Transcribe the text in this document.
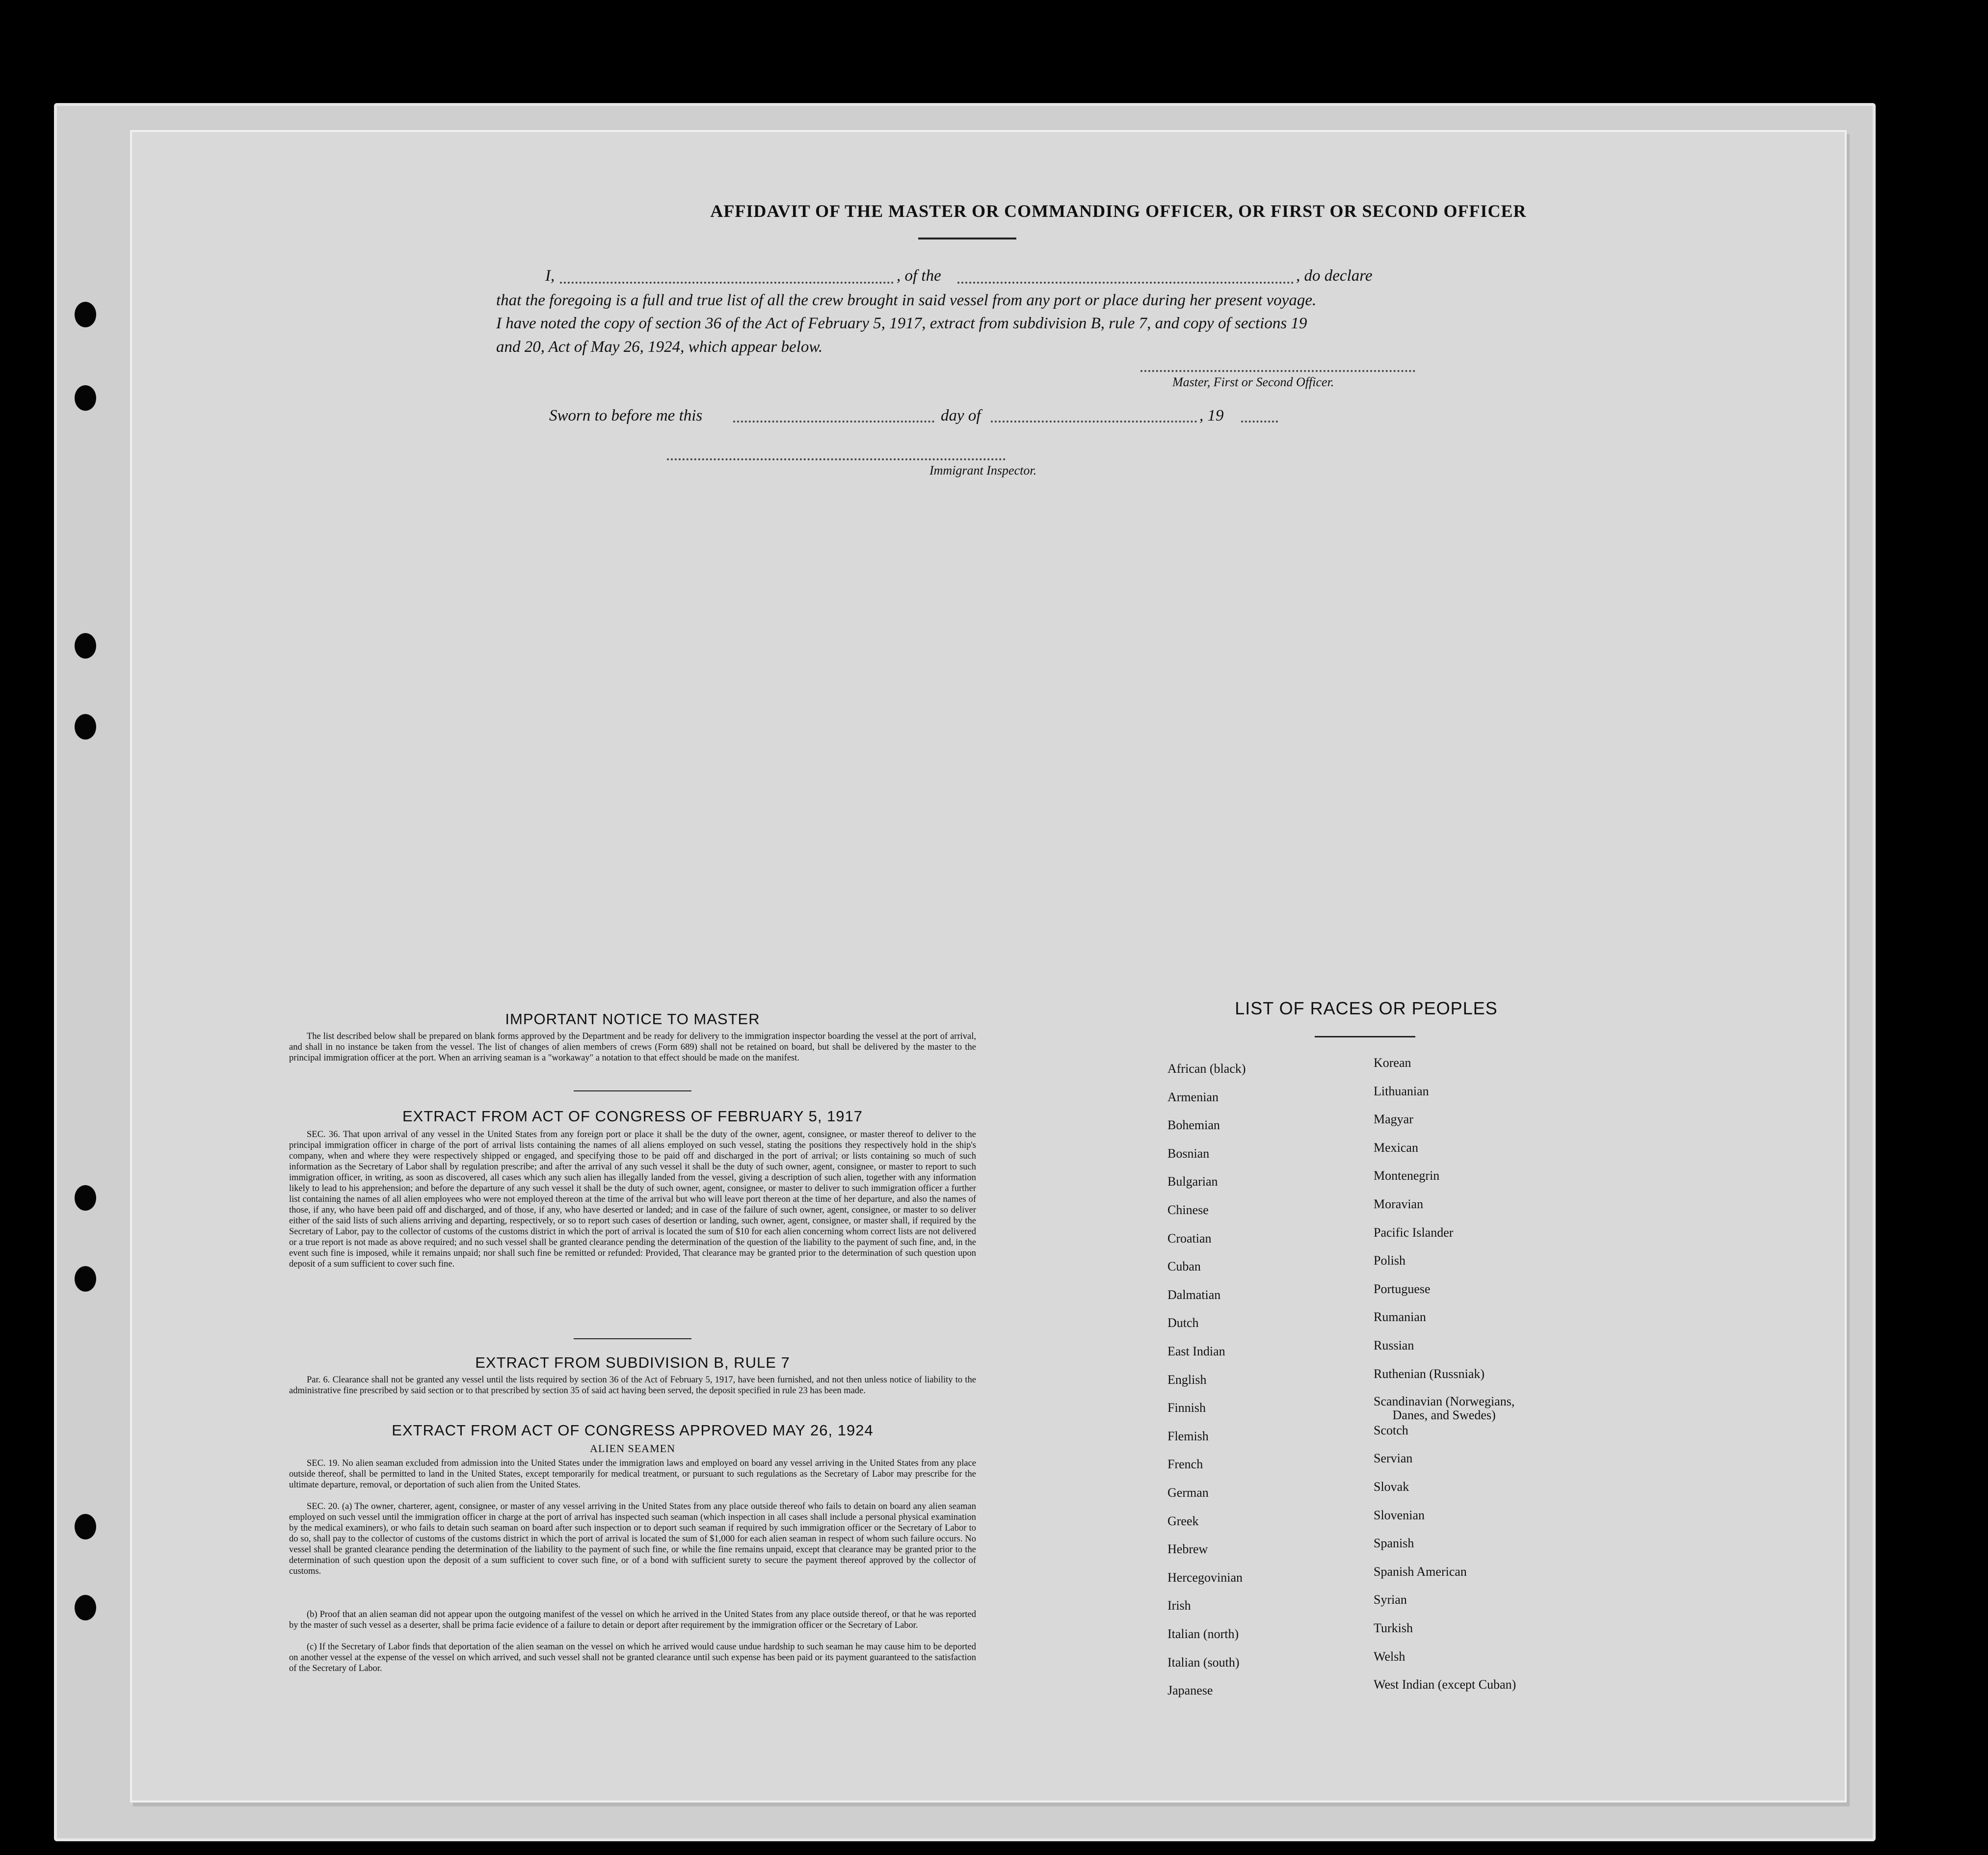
AFFIDAVIT OF THE MASTER OR COMMANDING OFFICER, OR FIRST OR SECOND OFFICER
I,	, of the	, do declare
that the foregoing is a full and true list of all the crew brought in said vessel from any port or place during her present voyage.
I have noted the copy of section 36 of the Act of February 5, 1917, extract from subdivision B, rule 7, and copy of sections 19
and 20, Act of May 26, 1924, which appear below.
Master, First or Second Officer.
Sworn to before me this	day of	, 19
Immigrant Inspector.
IMPORTANT NOTICE TO MASTER
The list described below shall be prepared on blank forms approved by the Department and be ready for delivery to the immigration inspector boarding the vessel at the port of arrival, and shall in no instance be taken from the vessel. The list of changes of alien members of crews (Form 689) shall not be retained on board, but shall be delivered by the master to the principal immigration officer at the port. When an arriving seaman is a "workaway" a notation to that effect should be made on the manifest.
EXTRACT FROM ACT OF CONGRESS OF FEBRUARY 5, 1917
SEC. 36. That upon arrival of any vessel in the United States from any foreign port or place it shall be the duty of the owner, agent, consignee, or master thereof to deliver to the principal immigration officer in charge of the port of arrival lists containing the names of all aliens employed on such vessel, stating the positions they respectively hold in the ship's company, when and where they were respectively shipped or engaged, and specifying those to be paid off and discharged in the port of arrival; or lists containing so much of such information as the Secretary of Labor shall by regulation prescribe; and after the arrival of any such vessel it shall be the duty of such owner, agent, consignee, or master to report to such immigration officer, in writing, as soon as discovered, all cases which any such alien has illegally landed from the vessel, giving a description of such alien, together with any information likely to lead to his apprehension; and before the departure of any such vessel it shall be the duty of such owner, agent, consignee, or master to deliver to such immigration officer a further list containing the names of all alien employees who were not employed thereon at the time of the arrival but who will leave port thereon at the time of her departure, and also the names of those, if any, who have been paid off and discharged, and of those, if any, who have deserted or landed; and in case of the failure of such owner, agent, consignee, or master to so deliver either of the said lists of such aliens arriving and departing, respectively, or so to report such cases of desertion or landing, such owner, agent, consignee, or master shall, if required by the Secretary of Labor, pay to the collector of customs of the customs district in which the port of arrival is located the sum of $10 for each alien concerning whom correct lists are not delivered or a true report is not made as above required; and no such vessel shall be granted clearance pending the determination of the question of the liability to the payment of such fine, and, in the event such fine is imposed, while it remains unpaid; nor shall such fine be remitted or refunded: Provided, That clearance may be granted prior to the determination of such question upon deposit of a sum sufficient to cover such fine.
EXTRACT FROM SUBDIVISION B, RULE 7
Par. 6. Clearance shall not be granted any vessel until the lists required by section 36 of the Act of February 5, 1917, have been furnished, and not then unless notice of liability to the administrative fine prescribed by said section or to that prescribed by section 35 of said act having been served, the deposit specified in rule 23 has been made.
EXTRACT FROM ACT OF CONGRESS APPROVED MAY 26, 1924
ALIEN SEAMEN
SEC. 19. No alien seaman excluded from admission into the United States under the immigration laws and employed on board any vessel arriving in the United States from any place outside thereof, shall be permitted to land in the United States, except temporarily for medical treatment, or pursuant to such regulations as the Secretary of Labor may prescribe for the ultimate departure, removal, or deportation of such alien from the United States.
SEC. 20. (a) The owner, charterer, agent, consignee, or master of any vessel arriving in the United States from any place outside thereof who fails to detain on board any alien seaman employed on such vessel until the immigration officer in charge at the port of arrival has inspected such seaman (which inspection in all cases shall include a personal physical examination by the medical examiners), or who fails to detain such seaman on board after such inspection or to deport such seaman if required by such immigration officer or the Secretary of Labor to do so, shall pay to the collector of customs of the customs district in which the port of arrival is located the sum of $1,000 for each alien seaman in respect of whom such failure occurs. No vessel shall be granted clearance pending the determination of the liability to the payment of such fine, or while the fine remains unpaid, except that clearance may be granted prior to the determination of such question upon the deposit of a sum sufficient to cover such fine, or of a bond with sufficient surety to secure the payment thereof approved by the collector of customs.
(b) Proof that an alien seaman did not appear upon the outgoing manifest of the vessel on which he arrived in the United States from any place outside thereof, or that he was reported by the master of such vessel as a deserter, shall be prima facie evidence of a failure to detain or deport after requirement by the immigration officer or the Secretary of Labor.
(c) If the Secretary of Labor finds that deportation of the alien seaman on the vessel on which he arrived would cause undue hardship to such seaman he may cause him to be deported on another vessel at the expense of the vessel on which arrived, and such vessel shall not be granted clearance until such expense has been paid or its payment guaranteed to the satisfaction of the Secretary of Labor.
LIST OF RACES OR PEOPLES
African (black)
Armenian
Bohemian
Bosnian
Bulgarian
Chinese
Croatian
Cuban
Dalmatian
Dutch
East Indian
English
Finnish
Flemish
French
German
Greek
Hebrew
Hercegovinian
Irish
Italian (north)
Italian (south)
Japanese
Korean
Lithuanian
Magyar
Mexican
Montenegrin
Moravian
Pacific Islander
Polish
Portuguese
Rumanian
Russian
Ruthenian (Russniak)
Scandinavian (Norwegians,
Danes, and Swedes)
Scotch
Servian
Slovak
Slovenian
Spanish
Spanish American
Syrian
Turkish
Welsh
West Indian (except Cuban)
